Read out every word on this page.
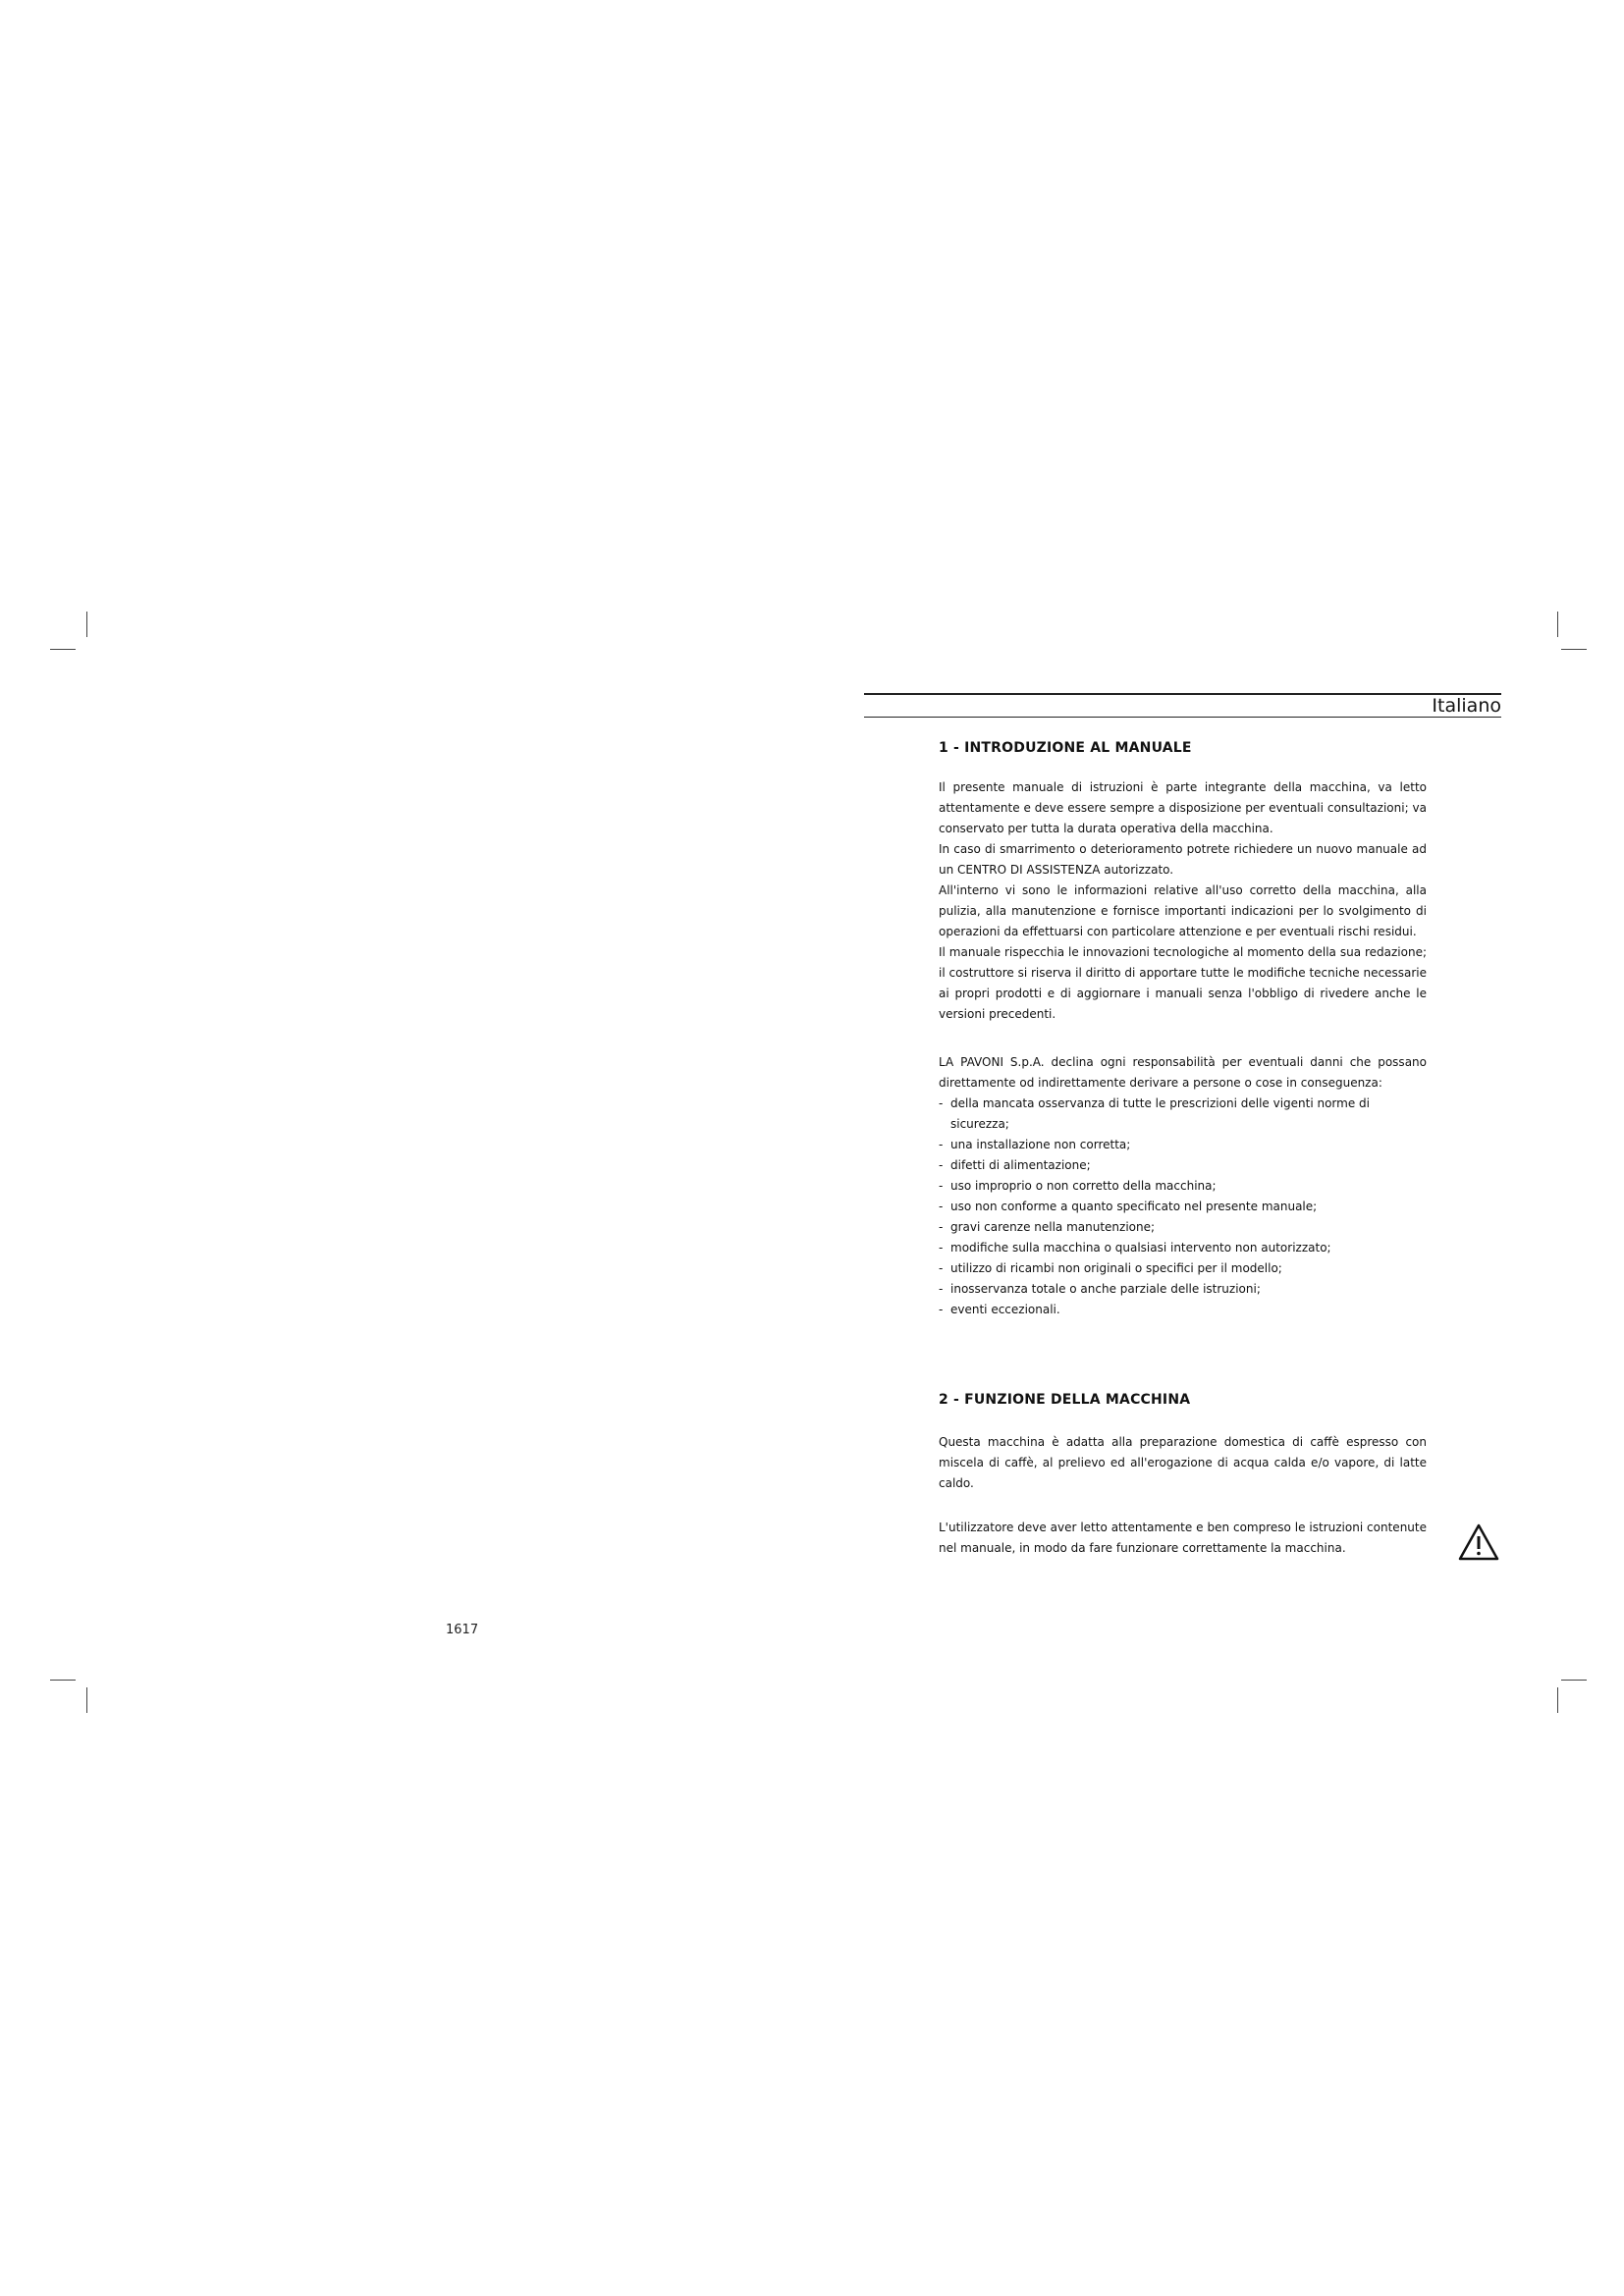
Italiano
1 - INTRODUZIONE AL MANUALE

Il presente manuale di istruzioni è parte integrante della macchina, va letto attentamente e deve essere sempre a disposizione per eventuali consultazioni; va conservato per tutta la durata operativa della macchina.

In caso di smarrimento o deterioramento potrete richiedere un nuovo manuale ad un CENTRO DI ASSISTENZA autorizzato.

All'interno vi sono le informazioni relative all'uso corretto della macchina, alla pulizia, alla manutenzione e fornisce importanti indicazioni per lo svolgimento di operazioni da effettuarsi con particolare attenzione e per eventuali rischi residui.

Il manuale rispecchia le innovazioni tecnologiche al momento della sua redazione; il costruttore si riserva il diritto di apportare tutte le modifiche tecniche necessarie ai propri prodotti e di aggiornare i manuali senza l'obbligo di rivedere anche le versioni precedenti.

LA PAVONI S.p.A. declina ogni responsabilità per eventuali danni che possano direttamente od indirettamente derivare a persone o cose in conseguenza:

- della mancata osservanza di tutte le prescrizioni delle vigenti norme di sicurezza;
- una installazione non corretta;
- difetti di alimentazione;
- uso improprio o non corretto della macchina;
- uso non conforme a quanto specificato nel presente manuale;
- gravi carenze nella manutenzione;
- modifiche sulla macchina o qualsiasi intervento non autorizzato;
- utilizzo di ricambi non originali o specifici per il modello;
- inosservanza totale o anche parziale delle istruzioni;
- eventi eccezionali.
2 - FUNZIONE DELLA MACCHINA

Questa macchina è adatta alla preparazione domestica di caffè espresso con miscela di caffè, al prelievo ed all'erogazione di acqua calda e/o vapore, di latte caldo.

L'utilizzatore deve aver letto attentamente e ben compreso le istruzioni contenute nel manuale, in modo da fare funzionare correttamente la macchina.

1617
